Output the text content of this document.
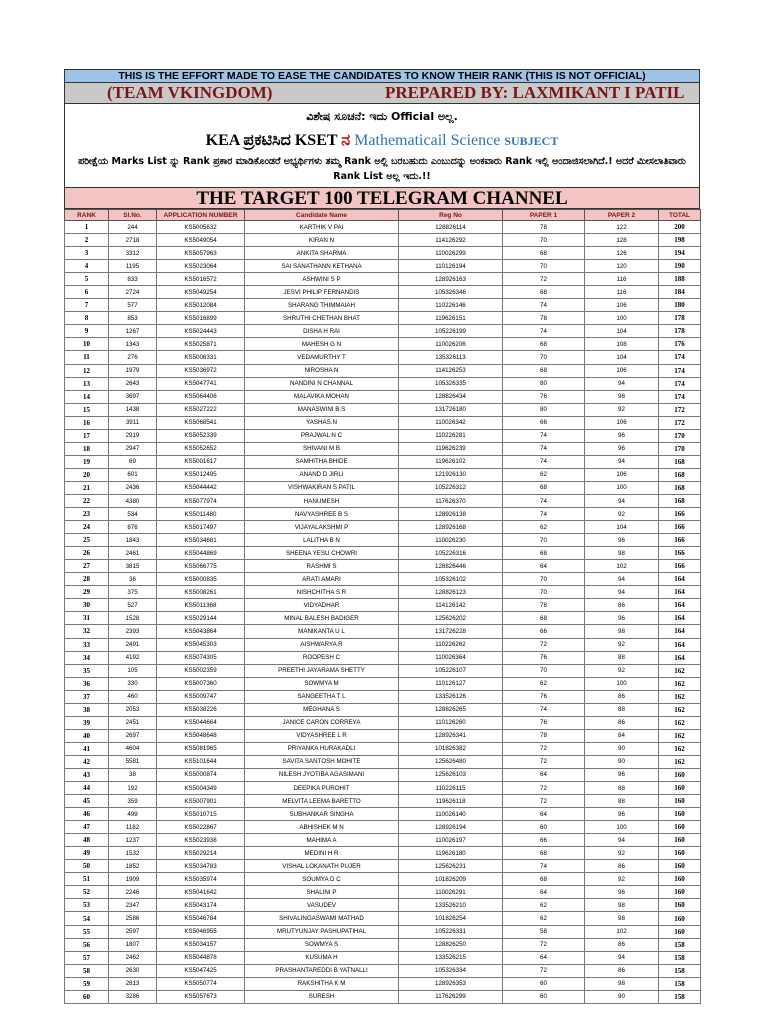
THIS IS THE EFFORT MADE TO EASE THE CANDIDATES TO KNOW THEIR RANK (THIS IS NOT OFFICIAL)
(TEAM VKINGDOM)	PREPARED BY: LAXMIKANT I PATIL
ವಿಶೇಷ ಸೂಚನೆ: ಇದು Official ಅಲ್ಲ.
KEA ಪ್ರಕಟಿಸಿದ KSET ನ Mathematicail Science SUBJECT
ಪರೀಕ್ಷೆಯ Marks List ನ್ನು Rank ಪ್ರಕಾರ ಮಾಡಿಕೊಂಡರೆ ಅಭ್ಯರ್ಥಿಗಳು ತಮ್ಮ Rank ಅಲ್ಲಿ ಬರಬಹುದು ಎಂಬುದನ್ನು ಅಂಕವಾರು Rank ಇಲ್ಲಿ ಅಂದಾಜಿಸಲಾಗಿದೆ.! ಅದರೆ ಮೀಸಲಾತಿವಾರು Rank List ಅಲ್ಲ ಇದು.!!
THE TARGET 100 TELEGRAM CHANNEL
RANK	Sl.No.	APPLICATION NUMBER	Candidate Name	Reg No	PAPER 1	PAPER 2	TOTAL
1	244	KS5005632	KARTHIK V PAI	128826114	78	122	200
2	2718	KS5049054	KIRAN N	114126292	70	128	198
3	3312	KS5057963	ANKITA SHARMA	110026299	68	126	194
4	1195	KS5023064	SAI SANATHANN KETHANA	110126194	70	120	190
5	833	KS5016572	ASHWINI S P	128926163	72	116	188
6	2724	KS5049254	JESVI PHILIP FERNANDIS	105326346	68	116	184
7	577	KS5012084	SHARANG THIMMAIAH	110226146	74	106	180
8	853	KS5016899	SHRUTHI CHETHAN BHAT	119626151	78	100	178
9	1267	KS5024443	DISHA H RAI	105226199	74	104	178
10	1343	KS5025871	MAHESH G N	110026206	68	108	176
11	276	KS5006331	VEDAMURTHY T	135326113	70	104	174
12	1979	KS5036972	NIROSHA N	114126253	68	106	174
13	2643	KS5047741	NANDINI N CHANNAL	105326335	80	94	174
14	3697	KS5064406	MALAVIKA MOHAN	128826434	76	98	174
15	1438	KS5027222	MANASWINI B.S	131726180	80	92	172
16	3911	KS5068541	YASHAS.N	110026342	66	106	172
17	2919	KS5052339	PRAJWAL N C	110226281	74	96	170
18	2947	KS5052652	SHIVANI M B	119626239	74	96	170
19	69	KS5001617	SAMHITHA BHIDE	119626102	74	94	168
20	601	KS5012495	ANAND D JIRLI	121926130	62	106	168
21	2436	KS5044442	VISHWAKIRAN S PATIL	105226312	68	100	168
22	4380	KS5077974	HANUMESH	117626370	74	94	168
23	534	KS5011480	NAVYASHREE B S	128926138	74	92	166
24	876	KS5017497	VIJAYALAKSHMI P	128926168	62	104	166
25	1843	KS5034681	LALITHA B N	110026230	70	96	166
26	2461	KS5044869	SHEENA YESU CHOWRI	105226316	68	98	166
27	3815	KS5066775	RASHMI S	128826446	64	102	166
28	36	KS5000835	ARATI AMARI	105326102	70	94	164
29	375	KS5008261	NISHCHITHA S R	128826123	70	94	164
30	527	KS5011368	VIDYADHAR	114126142	78	86	164
31	1528	KS5029144	MINAL BALESH BADIGER	125626202	68	96	164
32	2393	KS5043864	MANIKANTA U L	131726228	66	98	164
33	2491	KS5045303	AISHWARYA R	110226262	72	92	164
34	4192	KS5074305	ROOPESH C	110026364	76	88	164
35	105	KS5002359	PREETHI JAYARAMA SHETTY	105226107	70	92	162
36	330	KS5007360	SOWMYA M	110126127	62	100	162
37	460	KS5009747	SANGEETHA T L	133526126	76	86	162
38	2053	KS5038226	MEGHANA S	128826265	74	88	162
39	2451	KS5044664	JANICE CARON CORREYA	110126260	76	86	162
40	2697	KS5048648	VIDYASHREE L R	128926341	78	84	162
41	4604	KS5081965	PRIYANKA HURAKADLI	101826382	72	90	162
42	5581	KS5101644	SAVITA SANTOSH MOHITE	125626480	72	90	162
43	38	KS5000874	NILESH JYOTIBA AGASIMANI	125626103	64	96	160
44	192	KS5004349	DEEPIKA PUROHIT	110226115	72	88	160
45	359	KS5007901	MELVITA LEEMA BARETTO	119626118	72	88	160
46	499	KS5010715	SUBHANKAR SINGHA	110026140	64	96	160
47	1182	KS5022867	ABHISHEK M N	128926194	60	100	160
48	1237	KS5023938	MAHIMA A	110026197	66	94	160
49	1532	KS5029214	MEDINI H R	119626180	68	92	160
50	1852	KS5034783	VISHAL LOKANATH PUJER	125626231	74	86	160
51	1909	KS5035974	SOUMYA D C	101826209	68	92	160
52	2246	KS5041642	SHALINI P	110026291	64	96	160
53	2347	KS5043174	VASUDEV	133526210	62	98	160
54	2586	KS5046784	SHIVALINGASWAMI MATHAD	101826254	62	98	160
55	2597	KS5046955	MRUTYUNJAY PASHUPATIHAL	105226331	58	102	160
56	1807	KS5034157	SOWMYA S	128826250	72	86	158
57	2462	KS5044878	KUSUMA H	133526215	64	94	158
58	2630	KS5047425	PRASHANTAREDDI B YATNALLI	105326334	72	86	158
59	2813	KS5050774	RAKSHITHA K M	128926353	60	98	158
60	3286	KS5057673	SURESH	117626299	60	90	158
